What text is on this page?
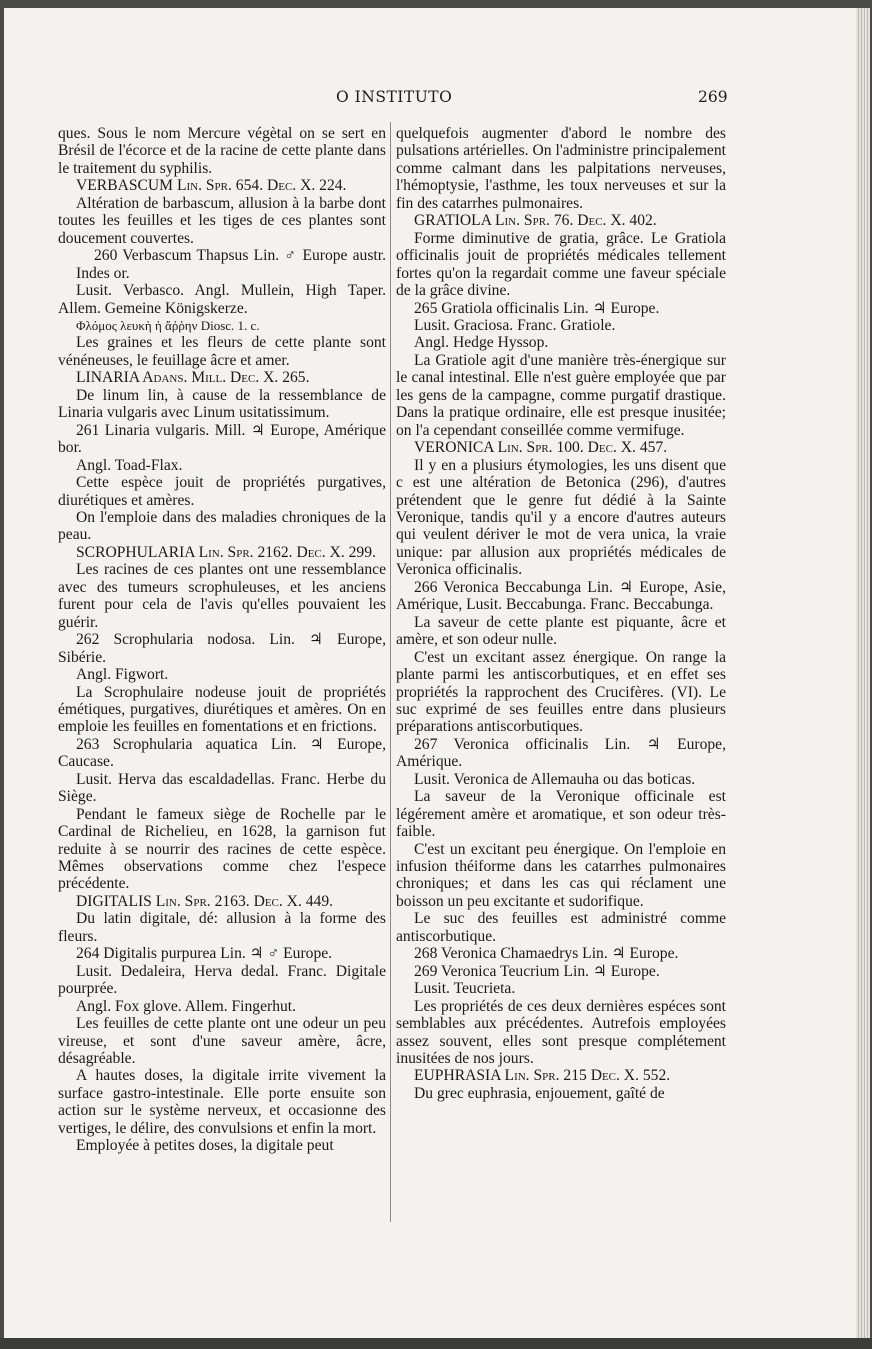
O INSTITUTO	269

ques. Sous le nom Mercure végètal on se sert en Brésil de l'écorce et de la racine de cette plante dans le traitement du syphilis.

VERBASCUM Lin. Spr. 654. Dec. X. 224.

Altération de barbascum, allusion à la barbe dont toutes les feuilles et les tiges de ces plantes sont doucement couvertes.

260 Verbascum Thapsus Lin. ♂ Europe austr. Indes or.

Lusit. Verbasco. Angl. Mullein, High Taper. Allem. Gemeine Königskerze.

Φλόμος λευκὴ ἡ ἄῤῥην Diosc. 1. c.

Les graines et les fleurs de cette plante sont vénéneuses, le feuillage âcre et amer.

LINARIA Adans. Mill. Dec. X. 265.

De linum lin, à cause de la ressemblance de Linaria vulgaris avec Linum usitatissimum.

261 Linaria vulgaris. Mill. ♃ Europe, Amérique bor.

Angl. Toad-Flax.

Cette espèce jouit de propriétés purgatives, diurétiques et amères.

On l'emploie dans des maladies chroniques de la peau.

SCROPHULARIA Lin. Spr. 2162. Dec. X. 299.

Les racines de ces plantes ont une ressemblance avec des tumeurs scrophuleuses, et les anciens furent pour cela de l'avis qu'elles pouvaient les guérir.

262 Scrophularia nodosa. Lin. ♃ Europe, Sibérie.

Angl. Figwort.

La Scrophulaire nodeuse jouit de propriétés émétiques, purgatives, diurétiques et amères. On en emploie les feuilles en fomentations et en frictions.

263 Scrophularia aquatica Lin. ♃ Europe, Caucase.

Lusit. Herva das escaldadellas. Franc. Herbe du Siège.

Pendant le fameux siège de Rochelle par le Cardinal de Richelieu, en 1628, la garnison fut reduite à se nourrir des racines de cette espèce. Mêmes observations comme chez l'espece précédente.

DIGITALIS Lin. Spr. 2163. Dec. X. 449.

Du latin digitale, dé: allusion à la forme des fleurs.

264 Digitalis purpurea Lin. ♃ ♂ Europe.

Lusit. Dedaleira, Herva dedal. Franc. Digitale pourprée.

Angl. Fox glove. Allem. Fingerhut.

Les feuilles de cette plante ont une odeur un peu vireuse, et sont d'une saveur amère, âcre, désagréable.

A hautes doses, la digitale irrite vivement la surface gastro-intestinale. Elle porte ensuite son action sur le système nerveux, et occasionne des vertiges, le délire, des convulsions et enfin la mort.

Employée à petites doses, la digitale peut

quelquefois augmenter d'abord le nombre des pulsations artérielles. On l'administre principalement comme calmant dans les palpitations nerveuses, l'hémoptysie, l'asthme, les toux nerveuses et sur la fin des catarrhes pulmonaires.

GRATIOLA Lin. Spr. 76. Dec. X. 402.

Forme diminutive de gratia, grâce. Le Gratiola officinalis jouit de propriétés médicales tellement fortes qu'on la regardait comme une faveur spéciale de la grâce divine.

265 Gratiola officinalis Lin. ♃ Europe.

Lusit. Graciosa. Franc. Gratiole.

Angl. Hedge Hyssop.

La Gratiole agit d'une manière très-énergique sur le canal intestinal. Elle n'est guère employée que par les gens de la campagne, comme purgatif drastique. Dans la pratique ordinaire, elle est presque inusitée; on l'a cependant conseillée comme vermifuge.

VERONICA Lin. Spr. 100. Dec. X. 457.

Il y en a plusiurs étymologies, les uns disent que c est une altération de Betonica (296), d'autres prétendent que le genre fut dédié à la Sainte Veronique, tandis qu'il y a encore d'autres auteurs qui veulent dériver le mot de vera unica, la vraie unique: par allusion aux propriétés médicales de Veronica officinalis.

266 Veronica Beccabunga Lin. ♃ Europe, Asie, Amérique, Lusit. Beccabunga. Franc. Beccabunga.

La saveur de cette plante est piquante, âcre et amère, et son odeur nulle.

C'est un excitant assez énergique. On range la plante parmi les antiscorbutiques, et en effet ses propriétés la rapprochent des Crucifères. (VI). Le suc exprimé de ses feuilles entre dans plusieurs préparations antiscorbutiques.

267 Veronica officinalis Lin. ♃ Europe, Amérique.

Lusit. Veronica de Allemauha ou das boticas.

La saveur de la Veronique officinale est légérement amère et aromatique, et son odeur très-faible.

C'est un excitant peu énergique. On l'emploie en infusion théiforme dans les catarrhes pulmonaires chroniques; et dans les cas qui réclament une boisson un peu excitante et sudorifique.

Le suc des feuilles est administré comme antiscorbutique.

268 Veronica Chamaedrys Lin. ♃ Europe.

269 Veronica Teucrium Lin. ♃ Europe.

Lusit. Teucrieta.

Les propriétés de ces deux dernières espéces sont semblables aux précédentes. Autrefois employées assez souvent, elles sont presque complétement inusitées de nos jours.

EUPHRASIA Lin. Spr. 215 Dec. X. 552.

Du grec euphrasia, enjouement, gaîté de
